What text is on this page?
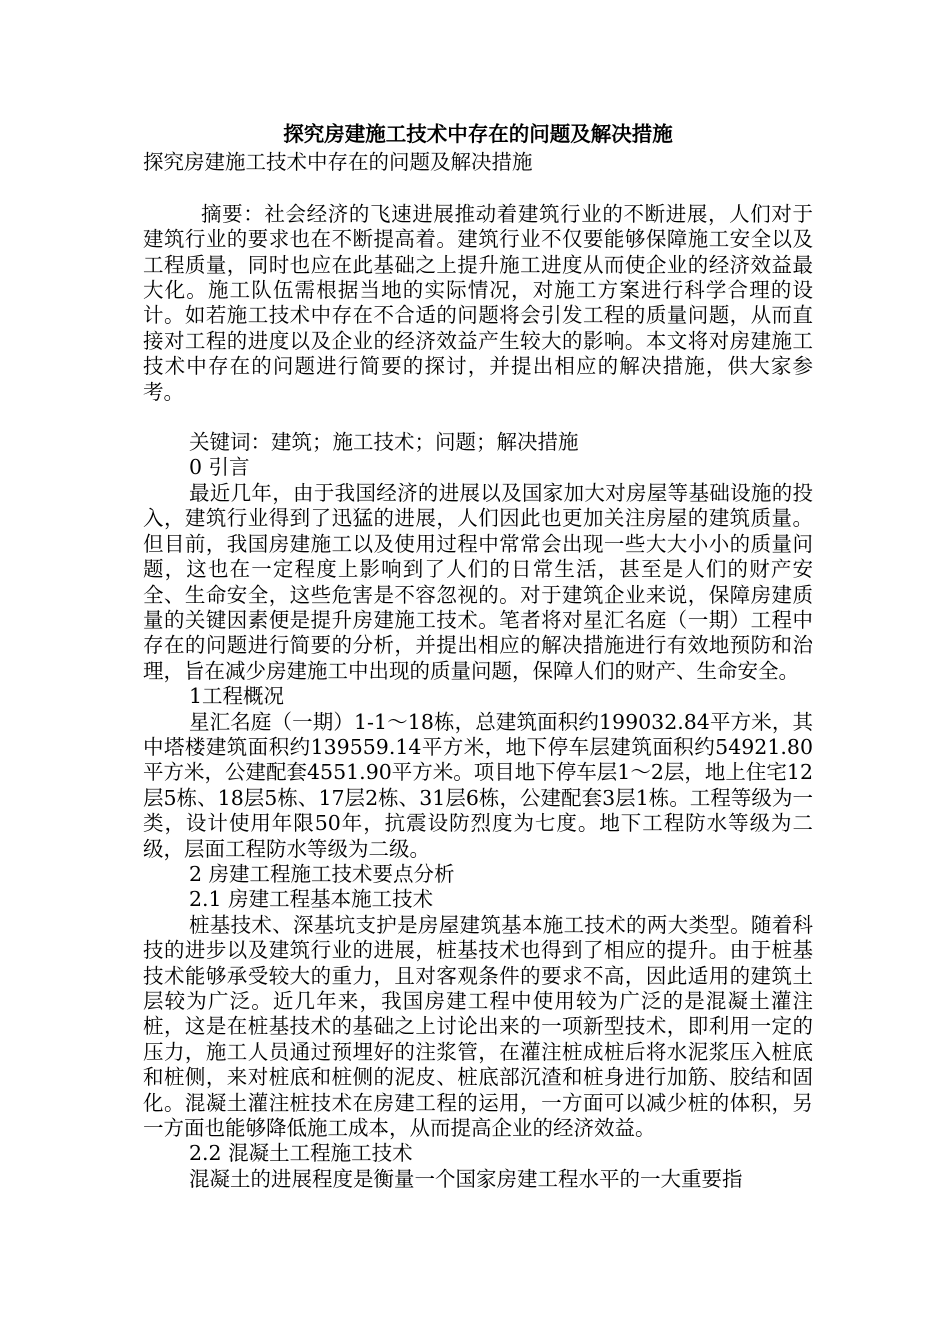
探究房建施工技术中存在的问题及解决措施

探究房建施工技术中存在的问题及解决措施

摘要：社会经济的飞速进展推动着建筑行业的不断进展，人们对于建筑行业的要求也在不断提高着。建筑行业不仅要能够保障施工安全以及工程质量，同时也应在此基础之上提升施工进度从而使企业的经济效益最大化。施工队伍需根据当地的实际情况，对施工方案进行科学合理的设计。如若施工技术中存在不合适的问题将会引发工程的质量问题，从而直接对工程的进度以及企业的经济效益产生较大的影响。本文将对房建施工技术中存在的问题进行简要的探讨，并提出相应的解决措施，供大家参考。

关键词：建筑；施工技术；问题；解决措施

0 引言

最近几年，由于我国经济的进展以及国家加大对房屋等基础设施的投入，建筑行业得到了迅猛的进展，人们因此也更加关注房屋的建筑质量。但目前，我国房建施工以及使用过程中常常会出现一些大大小小的质量问题，这也在一定程度上影响到了人们的日常生活，甚至是人们的财产安全、生命安全，这些危害是不容忽视的。对于建筑企业来说，保障房建质量的关键因素便是提升房建施工技术。笔者将对星汇名庭（一期）工程中存在的问题进行简要的分析，并提出相应的解决措施进行有效地预防和治理，旨在减少房建施工中出现的质量问题，保障人们的财产、生命安全。

1工程概况

星汇名庭（一期）1-1～18栋，总建筑面积约199032.84平方米，其中塔楼建筑面积约139559.14平方米，地下停车层建筑面积约54921.80平方米，公建配套4551.90平方米。项目地下停车层1～2层，地上住宅12层5栋、18层5栋、17层2栋、31层6栋，公建配套3层1栋。工程等级为一类，设计使用年限50年，抗震设防烈度为七度。地下工程防水等级为二级，层面工程防水等级为二级。

2 房建工程施工技术要点分析

2.1 房建工程基本施工技术

桩基技术、深基坑支护是房屋建筑基本施工技术的两大类型。随着科技的进步以及建筑行业的进展，桩基技术也得到了相应的提升。由于桩基技术能够承受较大的重力，且对客观条件的要求不高，因此适用的建筑土层较为广泛。近几年来，我国房建工程中使用较为广泛的是混凝土灌注桩，这是在桩基技术的基础之上讨论出来的一项新型技术，即利用一定的压力，施工人员通过预埋好的注浆管，在灌注桩成桩后将水泥浆压入桩底和桩侧，来对桩底和桩侧的泥皮、桩底部沉渣和桩身进行加筋、胶结和固化。混凝土灌注桩技术在房建工程的运用，一方面可以减少桩的体积，另一方面也能够降低施工成本，从而提高企业的经济效益。

2.2 混凝土工程施工技术

混凝土的进展程度是衡量一个国家房建工程水平的一大重要指
